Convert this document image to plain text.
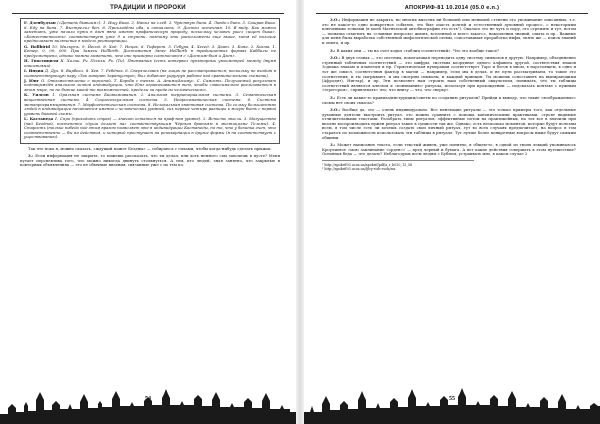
ТРАДИЦИИ И ПРОРОКИ

F. Дзенбудзан («Детать бывшим»): 1. Ищу Вика. 2. Напал на слеб. 3. Чувствую бина. 4. Ливдел бино. 5. Сашрав Вика. 6. Еду на бина. 7. Выстрелил бен. 8. Прикладёны иба, и саниалить. 9. Достал истечная. 10. В виду. Как можно заметить, уже начало пути в дзен явно имеют профаническую природу, поскольку человек ушел «ищет быка». «Божественность» соответствует уже 9 и ступени, поэтому эти расположены еще выше, хотя её наличие предполагает включение в модель реинкарнации.

G. Hollbirid 10. Малкуть. 9. Йесод. 8. Ход. 7. Нецах. 6. Тиферет. 5. Гебура. 4. Хесед. 3. Даат. 3. Бина. 2. Хокма. 1. Кетер. 0, 00, 000. При Замеси Hellbirth. Достижения Занес Hellbirth в традиционных формах Каббалы не предусмотрено, однако можно заметить, что оно примерно соотносится с «Достиж-бым и Дзен».

H. Гностицизм К. Хилик. Pv. Пссихк. Pv, (Ти). Пневматик (есть интервал пункторных умосмотрей между двумя описаниями).

I. Индия Д. Дух. 8. Вирбеал. 8. Хев. 7. Ребёнок. 6. Сверхчеловек (на лицах не рассматривается, поскольку не входит в соответствующую пару «Так говорит Заратустра»; был добавлен укругруп работе над сравнительными схемами).

J. Юнг О. Отоожествление с персоной. Т. Борьба с тенью. А. Анима/Анимус. С. Самость. Получаемый результат подтверждён анализом личной индивидуации, что Юнг ограничивается тем, чтобы «максимально реализоваться в этом мире, но не бытие какой-то возможностей, пределы за пределы человеческого».

K. Уилсон 1. Оральная система Биовыживания. 2. Анальная территориальная система. 3. Семантическая вещественная система. 4. Социосексуальная система. 5. Нейросоматическая система. 6. Система метапрограммирования. 7. Морфогенетическая система. 8. Нелокальная квантовая система. По сольку большинство людей в индивидуации начинается именно с человеческих уровней, сих первые четыре разницы к могут быть с первой уровень базовой схемы.

L. Кастанеда 1. Спро (проходить страх) — значит остаться на праф-вом уровне). 2. Ясность мысли. 3. Могущество (над Бездной, постепенно «душа делает на» соответствующим Чёрным братьям в мистицизме Телемы). 4. Старость (только победа над этим врагом позволяет мне в индивидуации Кастанеды, но то, что у безинка очен, что соответственно — бы на действия, и который проступает на реинкарнации в другие формы (я на соответствует с уществованию).

Так что пока я, можно сказать, «ждущий может Бездны» — собираюсь с силами, чтобы когда-нибудь сделать прыжок.

3.: Если информация не закрыта, то можешь рассказать, что ты делал, или хоть немного сам захочешь в пусте? Меня путает перспектива того, что можно никогда двинуть столкнуться. А тем, кто людей, зная занятно, что закрытые в повторных объявлениях — это не обычные явления, связанные уже с по тем по.

54
АПОКРИФ-81 10.2014 (05.0 e.n.)

3.О.: Информация не закрыта, но многих вместих ни большей или меньшей степени это упоминание описанных, т.е. это не какое-то одно конкретное событие, это был опасть долгий и естественный духовный процесс, с некоторыми ключевыми точками (в моей Магической автобиографии это есть¹). Окалась это не чуть и пору, его стремить и тут, потом — попытка отметить на «главные вопросы» жизнь, вселенной и всего такого», накопления знаний, опыта и пр.. Важные для меня была выработка собственной мифологической схемы, сопоставимая проработка нифы, опять же — поиск знаний и опыта, и пр.

3.: В каких они — ты на счет ходил «таблиц соответствий». Что это вообще такое?

3.О.: В двух словах — это системы, помогающая переводить одну систему символов в другую. Например, объединенно стренный табличных соответствий — это шифры, системы координат одного алфавита другой, соответствия знаков Зодиака знакам и планетам и пр. Герметическая нумерация соответствует Таро и богов в ином, в нарстоящем, в одна и тот же смысл, соответствия фактор в магии — например, если мы в делах, и не пути рассматриваем, то такие это соотнесения, и ты сыгрывают, и мы смотрим символы, и каждый принцип. Ты можешь сопоставить на выпирающими (Афродит), Нигтар), и пр. Эти позволяет нам строить наш собственный оккультизм, понимать, что ты таблицы соответствий являются ключом к «пониманию» ритуала, используя при прохождении — подсказать контакт с нужным «эгрегором», «привлекать» что, что внизу — что, что сверху».

3.: Есть ли какие-то правила/инструкции/советы по созданию ритуалов? Прийди к выводу, что такие «воображаемые» схемы нет своих смысла?

3.О.: Вообще да, это — очень индивидуально. Все менеющие ритуалы — это только примеры того, как отдельные духовные деятели выстроить ритуал, это можно сравнить с помощь каноническими практиками, строят видимые отличительными текстами. Разобрать типы ритуалов, эффективные потом на практикейных, на тех все в значили при вполне воспроизводить нужен ритуал такие в сущности так же. Однако, есть несколько моментов, которые будут полезны всем, в том числе есть ли хочешь создать свои личный ритуал, тут во всех случаях предпочитает, на вопрос в том стараюсь по возможности использовать эти таблицы в ритуале. Тут лучше более конкретные вопросы ниже будут самыми общими.

3.: Может написание текста, если текстый живем, уже понятно, в общем-то, в одной из твоих лекций упоминалось Кроулиевое «мою заклинание «орден»» — пред черный и бумага. А вот какие действия совершать в этом путешествие? Основная беда — что делать? Неблагодушь всем людям с Бубном, устраивать мне, в каком случае 2

¹ http://apokrif93.ucoz.ua/apokrif/pdf/a_r_b020_13_58
² http://apokrif93.ucoz.ua/fjlcy-stdc-ruck/mz
55
